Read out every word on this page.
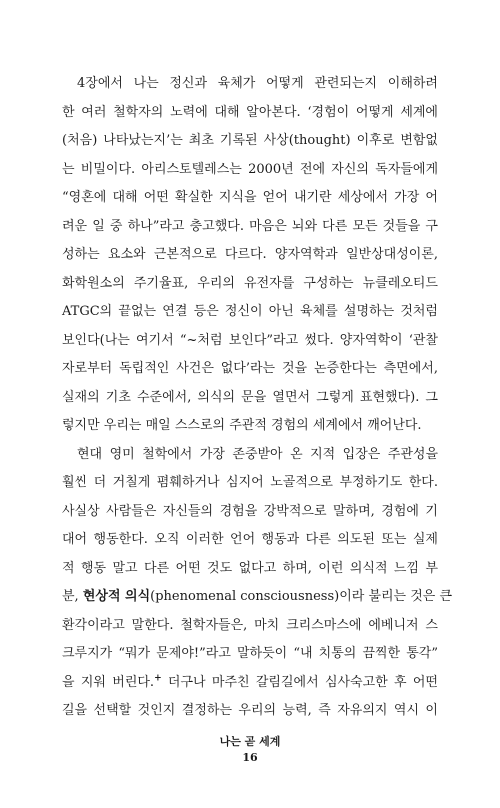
4장에서 나는 정신과 육체가 어떻게 관련되는지 이해하려
한 여러 철학자의 노력에 대해 알아본다. ‘경험이 어떻게 세계에
(처음) 나타났는지’는 최초 기록된 사상(thought) 이후로 변함없
는 비밀이다. 아리스토텔레스는 2000년 전에 자신의 독자들에게
“영혼에 대해 어떤 확실한 지식을 얻어 내기란 세상에서 가장 어
려운 일 중 하나”라고 충고했다. 마음은 뇌와 다른 모든 것들을 구
성하는 요소와 근본적으로 다르다. 양자역학과 일반상대성이론,
화학원소의 주기율표, 우리의 유전자를 구성하는 뉴클레오티드
ATGC의 끝없는 연결 등은 정신이 아닌 육체를 설명하는 것처럼
보인다(나는 여기서 “~처럼 보인다”라고 썼다. 양자역학이 ‘관찰
자로부터 독립적인 사건은 없다’라는 것을 논증한다는 측면에서,
실재의 기초 수준에서, 의식의 문을 열면서 그렇게 표현했다). 그
렇지만 우리는 매일 스스로의 주관적 경험의 세계에서 깨어난다.
현대 영미 철학에서 가장 존중받아 온 지적 입장은 주관성을
훨씬 더 거칠게 폄훼하거나 심지어 노골적으로 부정하기도 한다.
사실상 사람들은 자신들의 경험을 강박적으로 말하며, 경험에 기
대어 행동한다. 오직 이러한 언어 행동과 다른 의도된 또는 실제
적 행동 말고 다른 어떤 것도 없다고 하며, 이런 의식적 느낌 부
분, 현상적 의식(phenomenal consciousness)이라 불리는 것은 큰
환각이라고 말한다. 철학자들은, 마치 크리스마스에 에베니저 스
크루지가 “뭐가 문제야!”라고 말하듯이 “내 치통의 끔찍한 통각”
을 지워 버린다.+ 더구나 마주친 갈림길에서 심사숙고한 후 어떤
길을 선택할 것인지 결정하는 우리의 능력, 즉 자유의지 역시 이
나는 곧 세계
16
